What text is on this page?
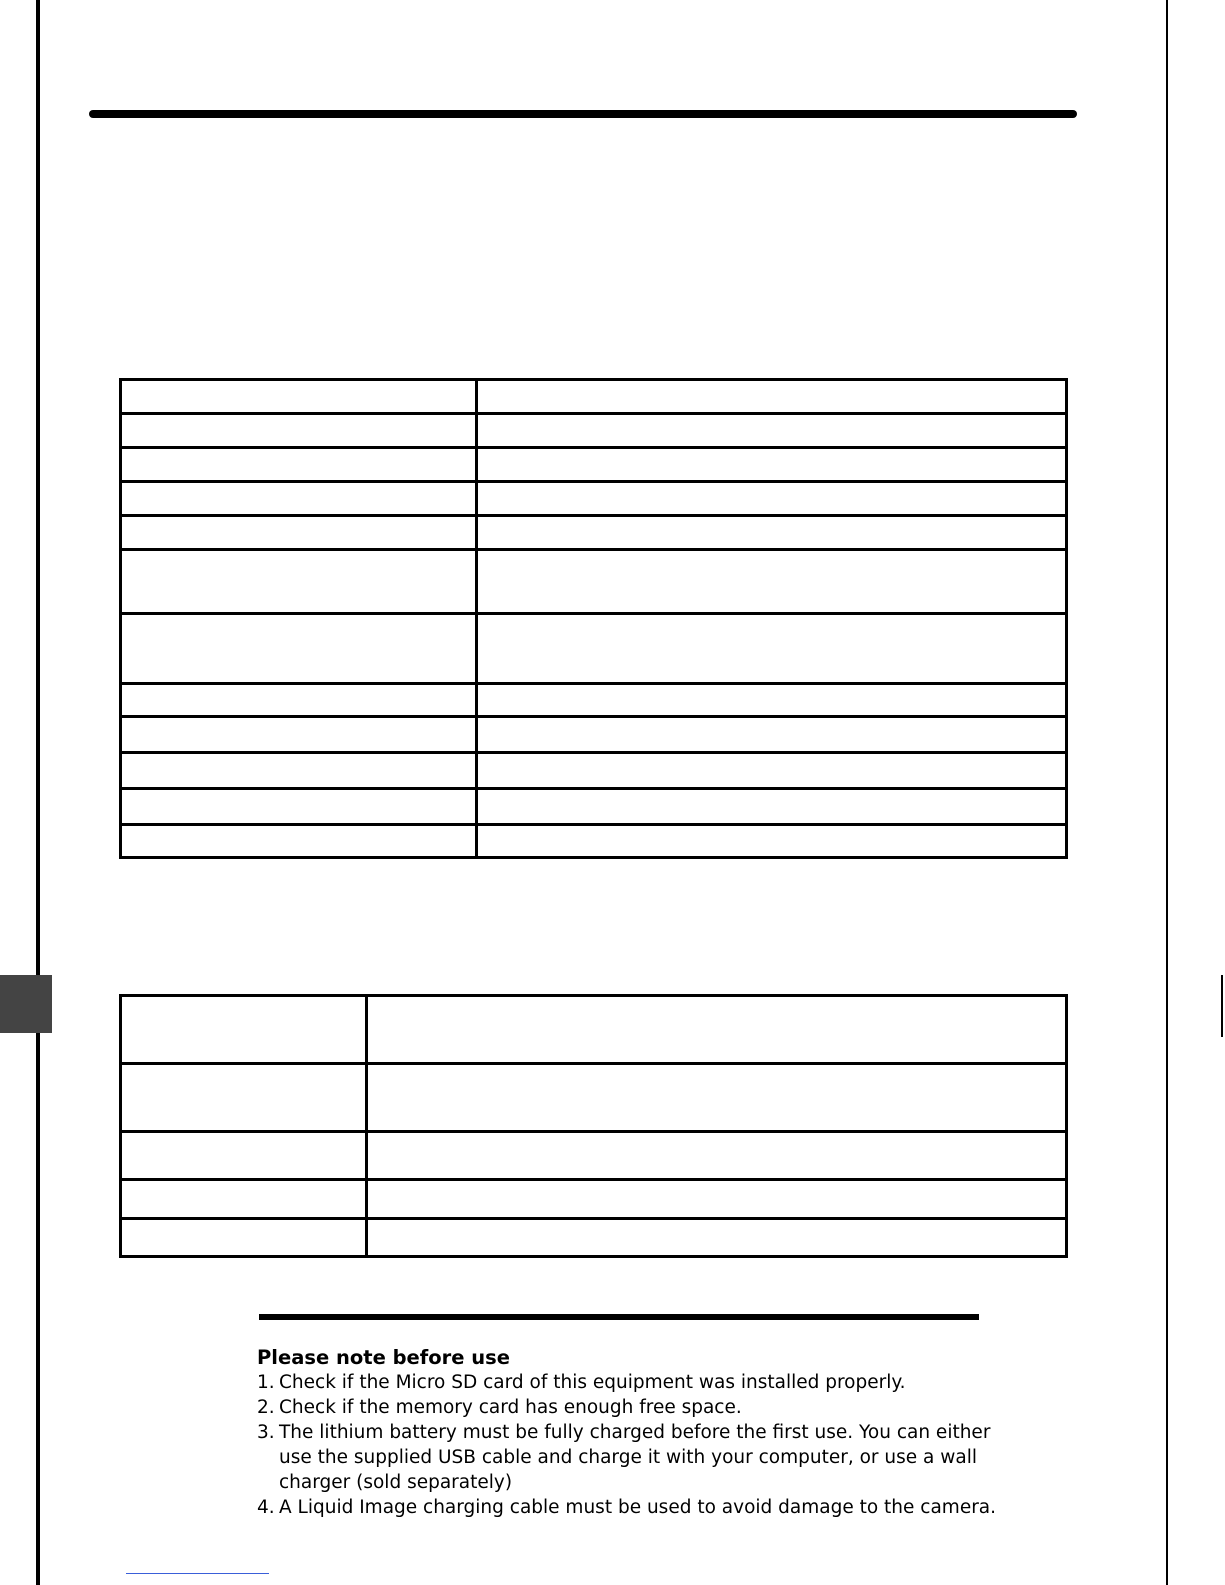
Please note before use

1. Check if the Micro SD card of this equipment was installed properly.
2. Check if the memory card has enough free space.
3. The lithium battery must be fully charged before the first use. You can either use the supplied USB cable and charge it with your computer, or use a wall charger (sold separately)
4. A Liquid Image charging cable must be used to avoid damage to the camera.
